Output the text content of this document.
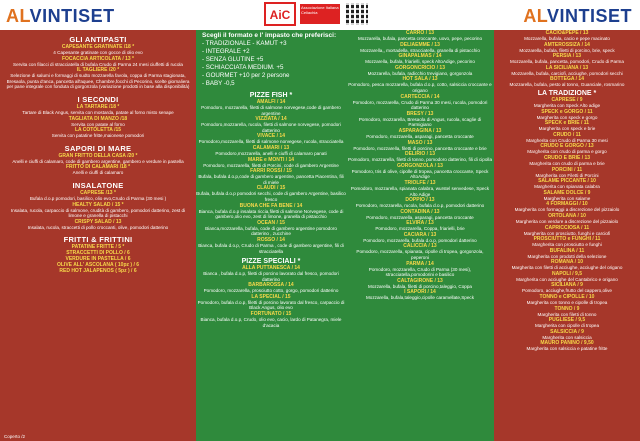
ALVINTISET	AiC
Associazione Italiana Celiachia	ALVINTISET
GLI ANTIPASTI
CAPESANTE GRATINATE /18 *
4 Capesante gratinate con gocce di olio evo
FOCACCIA ARTICOLATA / 13 *
Servita con filacci di stracciatella di bufala Crudo di Parma 24 mesi ciuffetti di rucola
IL TAGLIERE /20 *
Selezione di salumi e formaggi di sudto mozzarella favola, coppa di Parma stagionata, Bresaola, punta d'anca, pancetta all'aquee, Chambre,focchi di Pecorino, scelte giornaliera per pane integrale con fonduta di gorgonzola (variazione prodotti in base alla disponibilità)
I SECONDI
LA TARTARE /18 *
Tartare di Black Angus, servita con mostarda, patate al forno misto senape
TAGLIATA DI MANZO /18
Servita con patate al forno
LA COTOLETTA /15
Servita con patatine fritte,maionese pomodori
SAPORI DI MARE
GRAN FRITTO DELLA CASA /20 *
Anelli e ciuffi di calamaro, code di gambero argentine, gambero e verdure in pastella
FRITTO DI CALAMARI /18 *
Anelli e ciuffi di calamaro
INSALATONE
CAPRESE /13 *
Bufala d.o.p pomodori, basilico, olio evo,Crudo di Parma (30 mesi )
HEALTY SALAD / 15 *
Insalata, rucola, carpaccio di salmone, crudità di gambero, pomodori datterino, zest di limone e granella di pistacchi
CRISPY SALAD / 13
Insalata, rucola, straccetti di pollo croccanti, olive, pomodori datterino
FRITTI & FRITTINI
PATATINE FRITTE / 5 *
STRACCETTI DI POLLO / 6
VERDURE IN PASTELLA / 6
OLIVE ALL' ASCOLANA ( 10pz ) / 6
RED HOT JALAPENOS ( 5pz ) / 6
Coperto /2
Scegli il formato e l' impasto che preferisci:
- TRADIZIONALE - KAMUT +3
- INTEGRALE +2
- SENZA GLUTINE +5
- SCHIACCIATA MEDIUM. +5
- GOURMET +10 per 2 persone
- BABY -0,5
PIZZE FISH *
AMALFI / 14
Pomodoro, mozzarella, filetti di salmone norvegese,code di gambero argentine
VIZZIATA / 14
Pomodoro,mozzarella, rucola, filetti di salmone norvegese, pomodori datterino
VIVACE / 14
Pomodoro,mozzarella, filetti di salmone norvegese, rucola, stracciatella
CALAMARI / 13
Pomodoro,mozzarella, anelli e ciuffi di calamaro panati
MARE e MONTI / 14
Pomodoro, mozzarella, filetti di Porcini, code di gambero Argentine
FARRI ROSSI / 15
Bufala, bufala d.o.p,code di gambero argentine, pancetta Piacentina, fili di miele
CLAUDI / 15
Bufala, bufala d.o.p pomodori secchi, code di gambero Argentine, basilico fresco
BUONA CHE FA BENE / 14
Bianca, bufala d.o.p insalata riccia,filetti di salmone Norvegese, code di gambero,olio evo, zest di limone, granella di pistacchio
OCEAN / 15
Bianca,mozzarella, bufala, code di gambero argentine pomodoro datterino , zucchine
ROSSO / 14
Bianca, bufala d.o.p, Crudo di Parma , code di gambero argentine, fili di stracciatella
PIZZE SPECIALI *
ALLA PUTTANESCA / 14
Bianca , bufala d.o.p, filetti di porcino lavorato dal fresco, pomodori datterino
BARBAROSSA / 14
Pomodoro, mozzarella, prosciutto cotto, gorgo, pomodori datterino
LA SPECIAL / 15
Pomodoro, bufala d.o.p, filetti di porcino lavorato dal fresco, carpaccio di Black Angus, olio evo
FORTUNATO / 15
Bianca, bufala d.o.p, Crudo, olio evo, cacio, lardo di Patanegra, miele d'acacia
CARRO / 13
Mozzarella, bufala, pancetta croccante, uovo, pepe, pecorino
DELIAEMME / 13
Mozzarella,, mortadella, stracciatella, granella di pistacchio
GINAPALMAS / 14
Mozzarella, bufala, friarielli, speck AltoAdige, pecorino
GORGONCRICIO / 13
Mozzarella, bufala, radicchio trevigiano, gorgonzola
HOT SALA / 13
Pomodoro, pesca mozzarella, bufala d.o.p, cotto, salsiccia croccante e origano
CARTECCIA / 14
Pomodoro, mozzarella, Crudo di Parma 30 mesi, rucola, pomodori datterino
BRESY / 13
Pomodoro, mozzarella, Bresaola di Angus, rucola, scaglie di Parmigiano
ASPARAGINA / 13
Pomodoro, mozzarella, asparagi, pancetta croccante
MASO / 13
Pomodoro, mozzarella, filetti di porcino, pancetta croccante e brie
DELIRIO / 13
Pomodoro, mozzarella, filetti di tonno, pomodoro datterino, fili di cipolla
GORGONZOLA / 13
Pomodoro, tris di olive, cipolle di tropea, pancetta croccante, Speck AltoAdige
TRIOLFE / 13
Pomodoro, mozzarella, spianata calabra, wurstel senvedese, Speck Alto Adige
DOPPIO / 13
Pomodoro, mozzarella, rucola, bufala d.o.p, pomodori datterino
CONTADINA / 13
Pomodoro, mozzarella, asparagi, pancetta croccante
ELVIRA / 13
Pomodoro, mozzarella, Coppa, friarielli, brie
CACIARA / 13
Pomodoro, mozzarella, bufala d.o.p, pomodori datterino
CALICCIA / 13
Pomodoro, mozzarella, spianata, cipolle di tropea, gorgonzola, peperoni
PARMA / 14
Pomodoro, mozzarella, Crudo di Parma (30 mesi), stracciatella,pomodorini e basilico
CALTAGIRONE / 13
Mozzarella, bufala, filetti di porcino,taleggio, Coppa
I SAPORI / 14
Mozzarella, bufala,taleggio,cipolle caramellate,Speck
CACIO&PEPE / 13
Mozzarella, bufala, cacio e pepe macinato
AMTEROSSIZA / 14
Mozzarella, bufala, filetti di porcino, brie, speck
PERSIA / 13
Mozzarella, bufala, pancetta, pomodori, Crudo di Parma
LA SICILIANA / 13
Mozzarella, bufala, carciofi, acciughe, pomodori secchi
BOTTEGA / 14
Mozzarella, bufala, pesto al tonno, Guanciale, rosmarino
LA TRADIZIONE *
CAPRESE / 9
Margherita con Speck Alto adige
SPECK e GORGO / 11
Margherita con speck e gorgo
SPECK e BRIE / 11
Margherita con speck e brie
CRUDO / 11
Margherita con Crudo di Parma 30 mesi
CRUDO E GORGO / 13
Margherita con crudo di parma e gorgo
CRUDO E BRIE / 13
Margherita con crudo di parma e brie
PORCINI / 11
Margherita con Filetti di Porcini
SALAME PICCANTE / 10
Margherita con spianata calabra
SALAME DOLCE / 9
Margherita con salame
4 FORMAGGI / 10
Margherita con formaggi a discrezione del pizzaiolo
ORTOLANA / 10
Margherita con verdure a discrezione del pizzaiolo
CAPRICCIOSA / 11
Margherita con prosciutto, funghi e carciofi
PROSCIUTTO e FUNGHI / 11
Margherita con prosciutto e funghi
BUFALINA / 11
Margherita con prodotti della selezione
ROMANA / 10
Margherita con filetti di acciughe, acciughe del origano
NAPOLI / 9,5
Margherita con acciughe del Cantabrico e origano
SICILIANA / 9
Pomodoro, acciughe,frutto del cappero,olive
TONNO e CIPOLLE / 10
Margherita con tonno e cipolle di tropea
TONNO / 9
Margherita con filetti di tonno
PUGLIESE / 9,5
Margherita con cipolle di tropea
SALSICCIA / 9
Margherita con salsiccia
MAURO PANINO / 9,50
Margherita con salsiccia e patatine fritte
